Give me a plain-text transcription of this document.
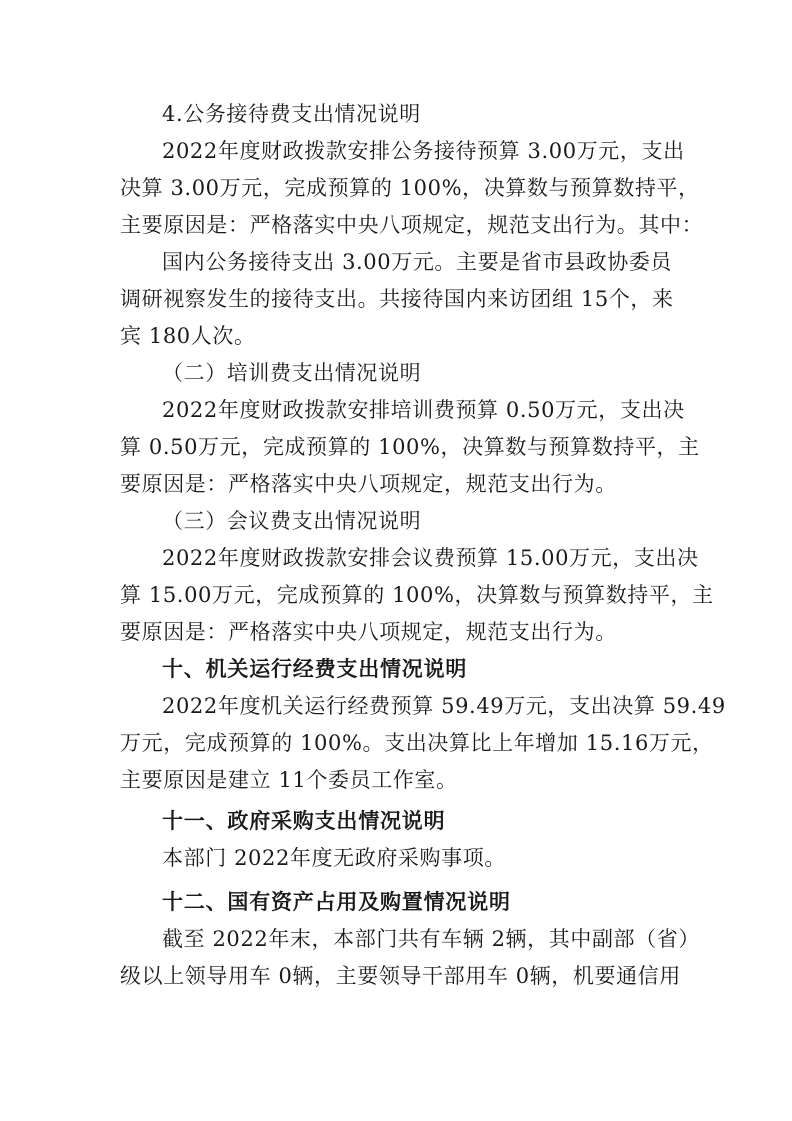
4.公务接待费支出情况说明
2022年度财政拨款安排公务接待预算 3.00万元，支出
决算 3.00万元，完成预算的 100%，决算数与预算数持平，
主要原因是：严格落实中央八项规定，规范支出行为。其中：
国内公务接待支出 3.00万元。主要是省市县政协委员
调研视察发生的接待支出。共接待国内来访团组 15个，来
宾 180人次。
（二）培训费支出情况说明
2022年度财政拨款安排培训费预算 0.50万元，支出决
算 0.50万元，完成预算的 100%，决算数与预算数持平，主
要原因是：严格落实中央八项规定，规范支出行为。
（三）会议费支出情况说明
2022年度财政拨款安排会议费预算 15.00万元，支出决
算 15.00万元，完成预算的 100%，决算数与预算数持平，主
要原因是：严格落实中央八项规定，规范支出行为。
十、机关运行经费支出情况说明
2022年度机关运行经费预算 59.49万元，支出决算 59.49
万元，完成预算的 100%。支出决算比上年增加 15.16万元，
主要原因是建立 11个委员工作室。
十一、政府采购支出情况说明
本部门 2022年度无政府采购事项。
十二、国有资产占用及购置情况说明
截至 2022年末，本部门共有车辆 2辆，其中副部（省）
级以上领导用车 0辆，主要领导干部用车 0辆，机要通信用
